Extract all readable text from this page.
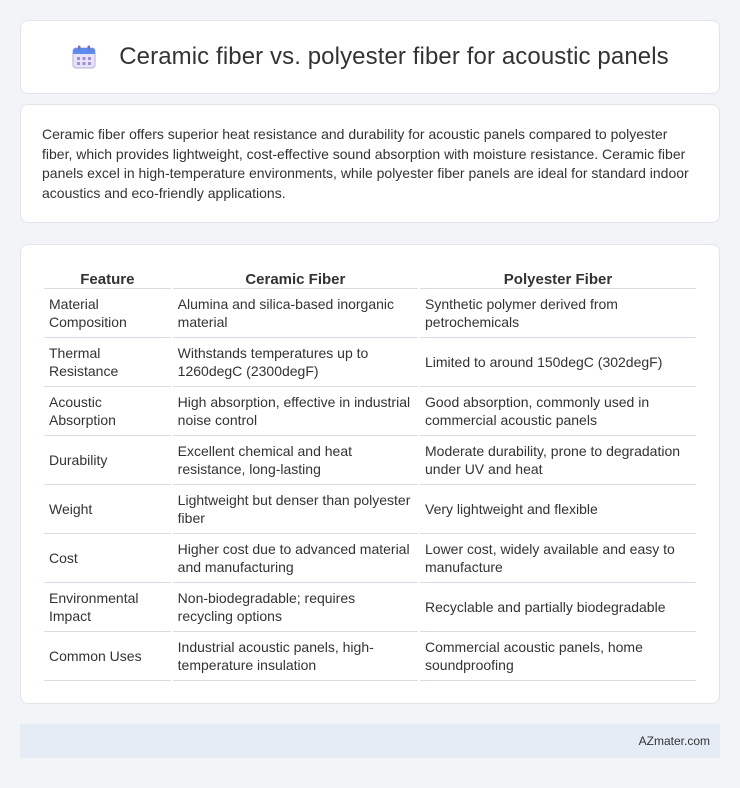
Ceramic fiber vs. polyester fiber for acoustic panels

Ceramic fiber offers superior heat resistance and durability for acoustic panels compared to polyester fiber, which provides lightweight, cost-effective sound absorption with moisture resistance. Ceramic fiber panels excel in high-temperature environments, while polyester fiber panels are ideal for standard indoor acoustics and eco-friendly applications.

Feature	Ceramic Fiber	Polyester Fiber
Material Composition	Alumina and silica-based inorganic material	Synthetic polymer derived from petrochemicals
Thermal Resistance	Withstands temperatures up to 1260degC (2300degF)	Limited to around 150degC (302degF)
Acoustic Absorption	High absorption, effective in industrial noise control	Good absorption, commonly used in commercial acoustic panels
Durability	Excellent chemical and heat resistance, long-lasting	Moderate durability, prone to degradation under UV and heat
Weight	Lightweight but denser than polyester fiber	Very lightweight and flexible
Cost	Higher cost due to advanced material and manufacturing	Lower cost, widely available and easy to manufacture
Environmental Impact	Non-biodegradable; requires recycling options	Recyclable and partially biodegradable
Common Uses	Industrial acoustic panels, high-temperature insulation	Commercial acoustic panels, home soundproofing
AZmater.com
